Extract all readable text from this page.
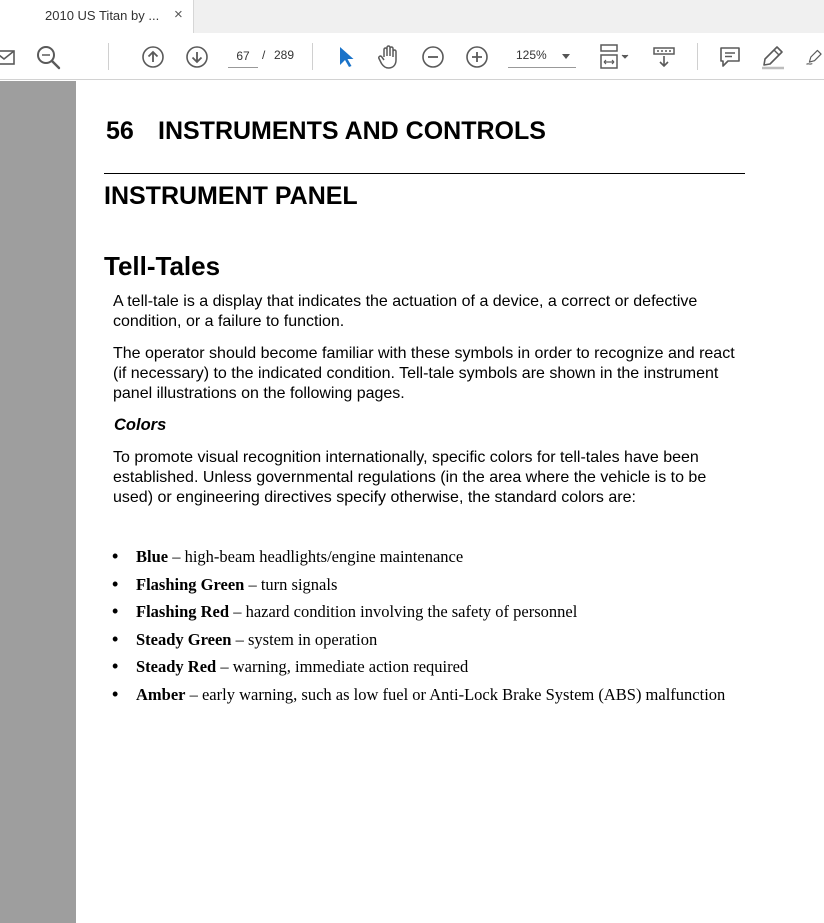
2010 US Titan by ... ×
67	/ 289	125%
56 INSTRUMENTS AND CONTROLS
INSTRUMENT PANEL
Tell-Tales

A tell-tale is a display that indicates the actuation of a device, a correct or defective condition, or a failure to function.

The operator should become familiar with these symbols in order to recognize and react (if necessary) to the indicated condition. Tell-tale symbols are shown in the instrument panel illustrations on the following pages.

Colors

To promote visual recognition internationally, specific colors for tell-tales have been established. Unless governmental regulations (in the area where the vehicle is to be used) or engineering directives specify otherwise, the standard colors are:

• Blue – high-beam headlights/engine maintenance
• Flashing Green – turn signals
• Flashing Red – hazard condition involving the safety of personnel
• Steady Green – system in operation
• Steady Red – warning, immediate action required
• Amber – early warning, such as low fuel or Anti-Lock Brake System (ABS) malfunction
